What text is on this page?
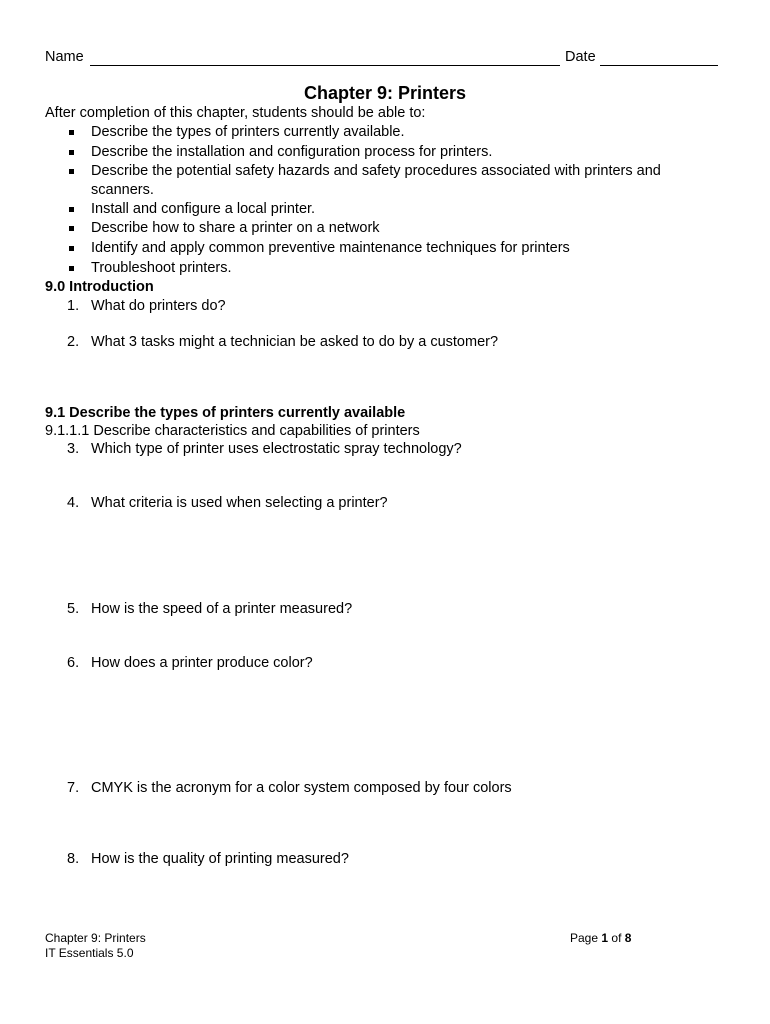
Name	Date
Chapter 9: Printers
After completion of this chapter, students should be able to:
Describe the types of printers currently available.
Describe the installation and configuration process for printers.
Describe the potential safety hazards and safety procedures associated with printers and
scanners.
Install and configure a local printer.
Describe how to share a printer on a network
Identify and apply common preventive maintenance techniques for printers
Troubleshoot printers.
9.0 Introduction
1. What do printers do?
2. What 3 tasks might a technician be asked to do by a customer?
9.1 Describe the types of printers currently available
9.1.1.1 Describe characteristics and capabilities of printers
3. Which type of printer uses electrostatic spray technology?
4. What criteria is used when selecting a printer?
5. How is the speed of a printer measured?
6. How does a printer produce color?
7. CMYK is the acronym for a color system composed by four colors
8. How is the quality of printing measured?
Chapter 9: Printers
IT Essentials 5.0
Page 1 of 8
